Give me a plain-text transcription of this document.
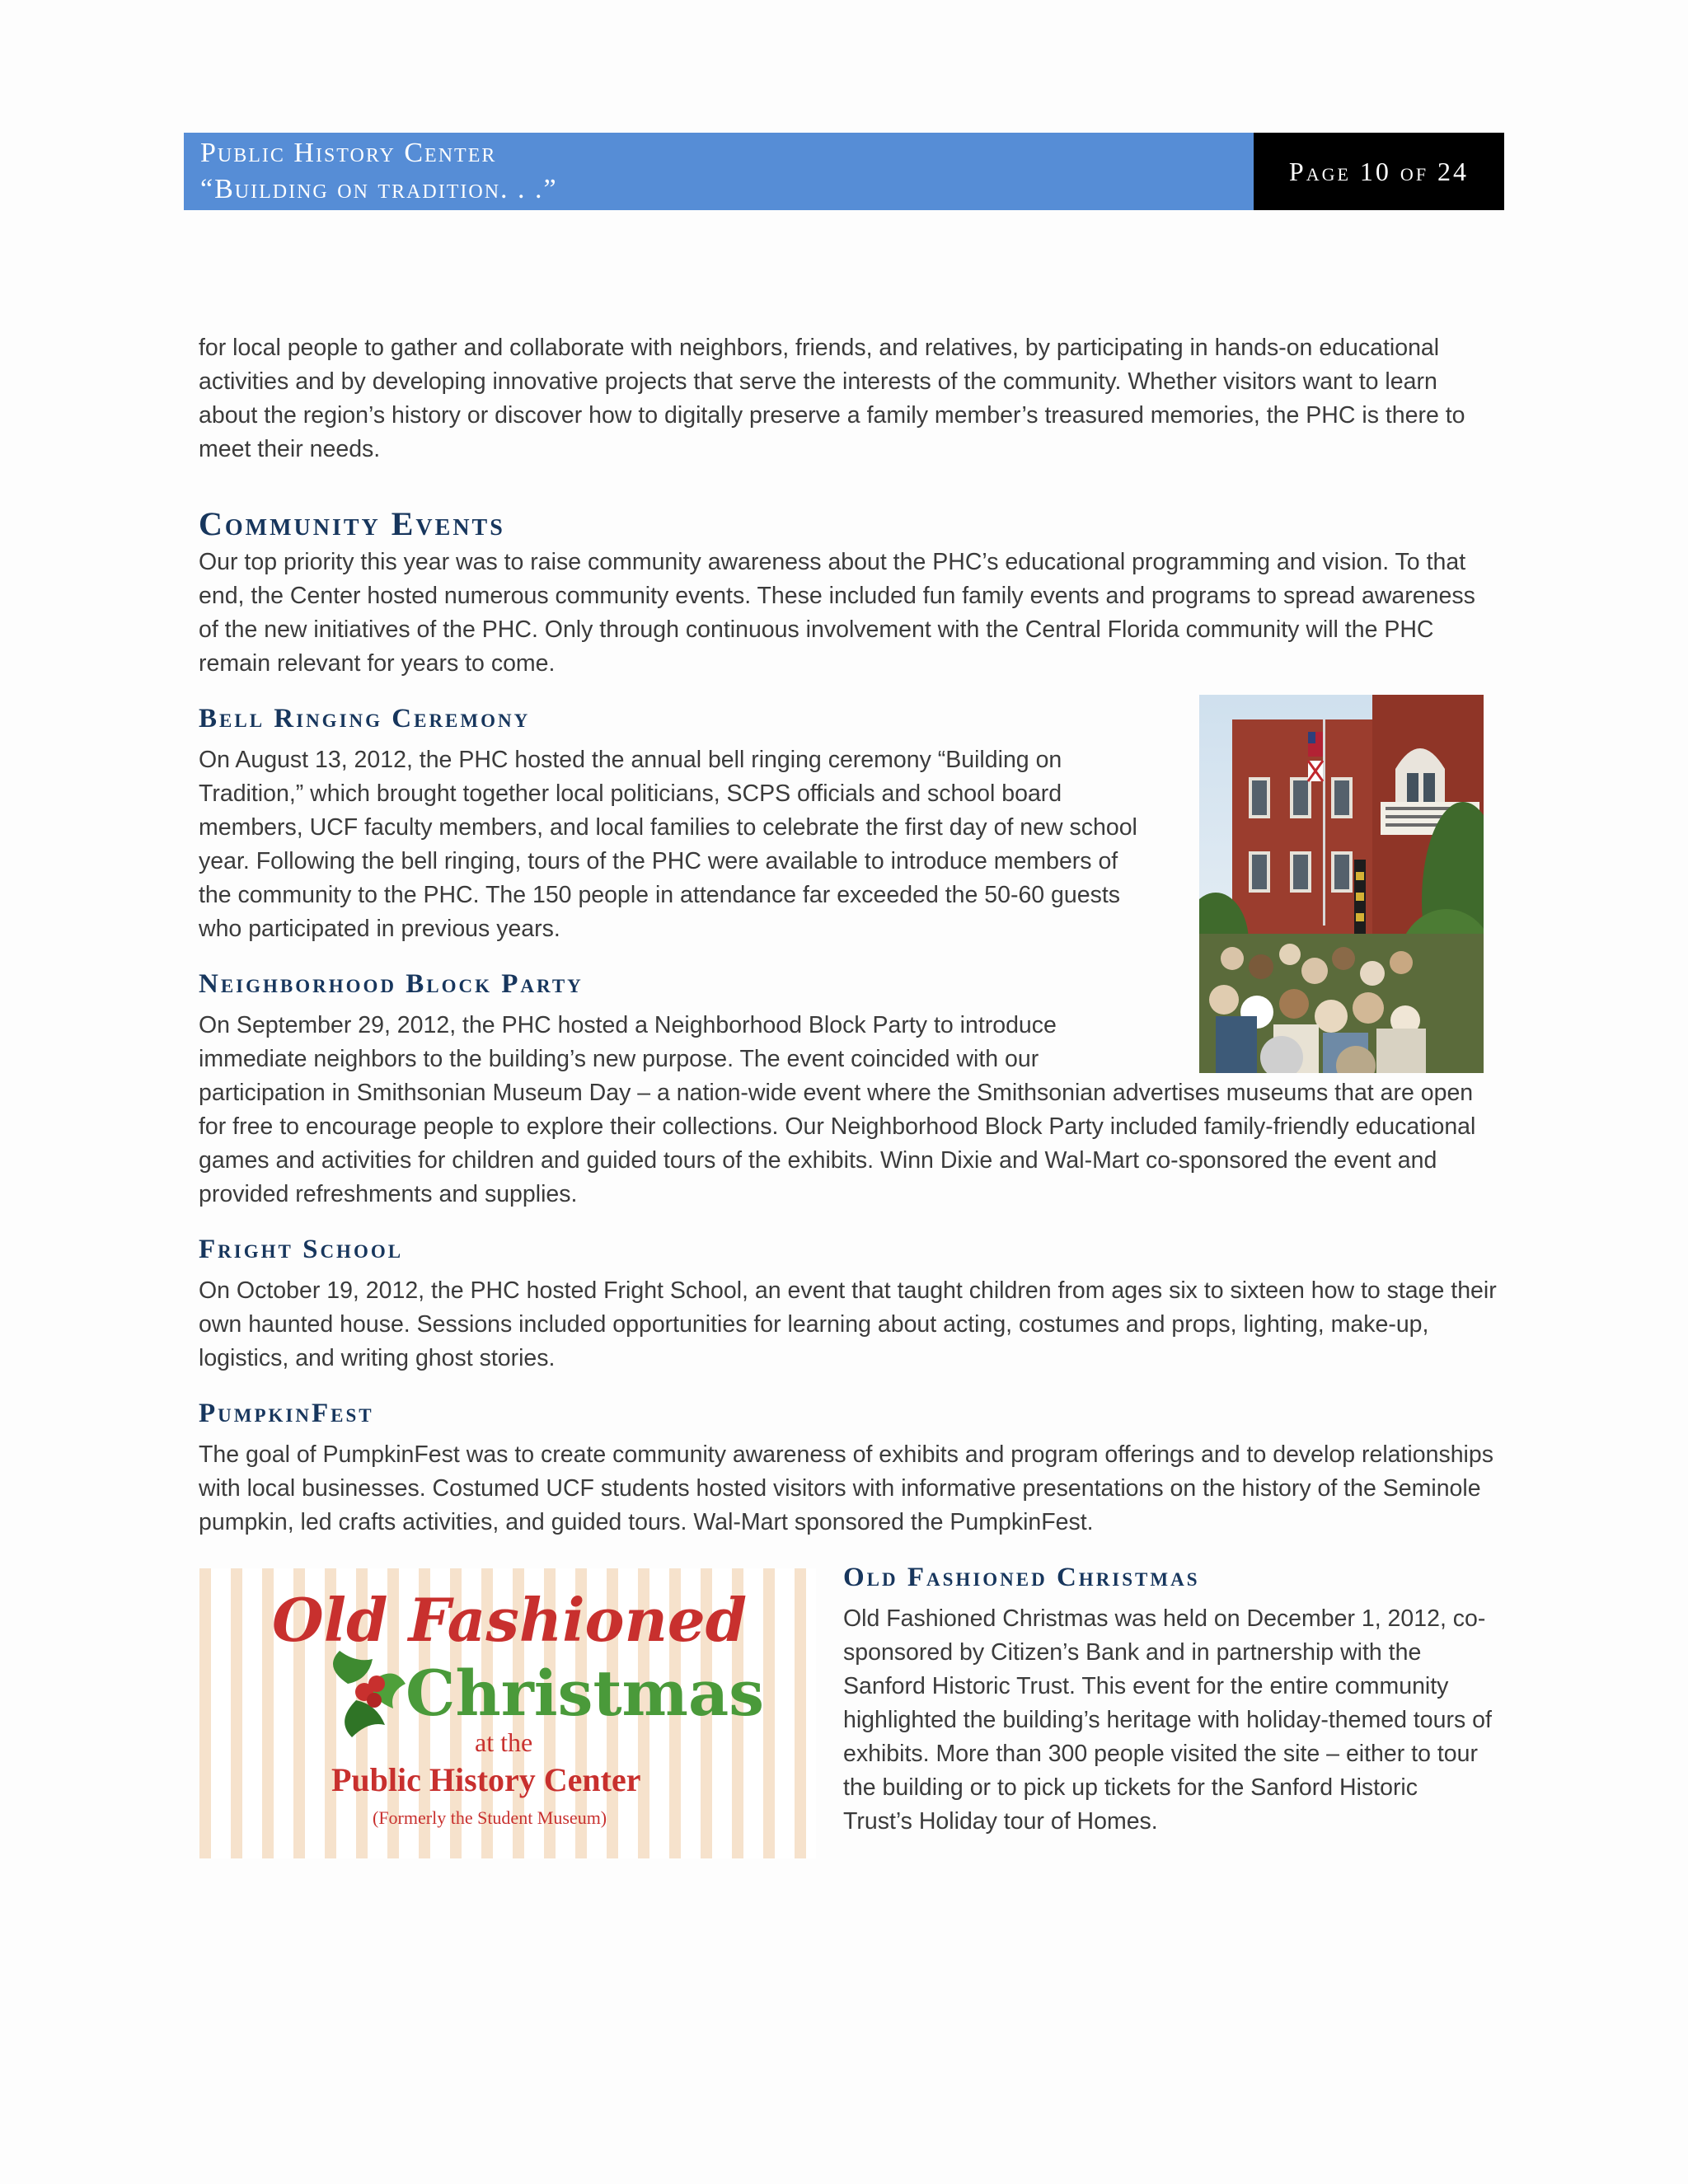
Public History Center
“Building on tradition. . .”
Page 10 of 24

for local people to gather and collaborate with neighbors, friends, and relatives, by participating in hands-on educational activities and by developing innovative projects that serve the interests of the community. Whether visitors want to learn about the region’s history or discover how to digitally preserve a family member’s treasured memories, the PHC is there to meet their needs.

Community Events

Our top priority this year was to raise community awareness about the PHC’s educational programming and vision. To that end, the Center hosted numerous community events. These included fun family events and programs to spread awareness of the new initiatives of the PHC. Only through continuous involvement with the Central Florida community will the PHC remain relevant for years to come.

Bell Ringing Ceremony

On August 13, 2012, the PHC hosted the annual bell ringing ceremony “Building on Tradition,” which brought together local politicians, SCPS officials and school board members, UCF faculty members, and local families to celebrate the first day of new school year. Following the bell ringing, tours of the PHC were available to introduce members of the community to the PHC. The 150 people in attendance far exceeded the 50-60 guests who participated in previous years.

Neighborhood Block Party

On September 29, 2012, the PHC hosted a Neighborhood Block Party to introduce immediate neighbors to the building’s new purpose. The event coincided with our

participation in Smithsonian Museum Day – a nation-wide event where the Smithsonian advertises museums that are open for free to encourage people to explore their collections. Our Neighborhood Block Party included family-friendly educational games and activities for children and guided tours of the exhibits. Winn Dixie and Wal-Mart co-sponsored the event and provided refreshments and supplies.

Fright School

On October 19, 2012, the PHC hosted Fright School, an event that taught children from ages six to sixteen how to stage their own haunted house. Sessions included opportunities for learning about acting, costumes and props, lighting, make-up, logistics, and writing ghost stories.

PumpkinFest

The goal of PumpkinFest was to create community awareness of exhibits and program offerings and to develop relationships with local businesses. Costumed UCF students hosted visitors with informative presentations on the history of the Seminole pumpkin, led crafts activities, and guided tours. Wal-Mart sponsored the PumpkinFest.

Old Fashioned
Christmas
at the
Public History Center
(Formerly the Student Museum)
Old Fashioned Christmas

Old Fashioned Christmas was held on December 1, 2012, co-sponsored by Citizen’s Bank and in partnership with the Sanford Historic Trust. This event for the entire community highlighted the building’s heritage with holiday-themed tours of exhibits. More than 300 people visited the site – either to tour the building or to pick up tickets for the Sanford Historic Trust’s Holiday tour of Homes.
